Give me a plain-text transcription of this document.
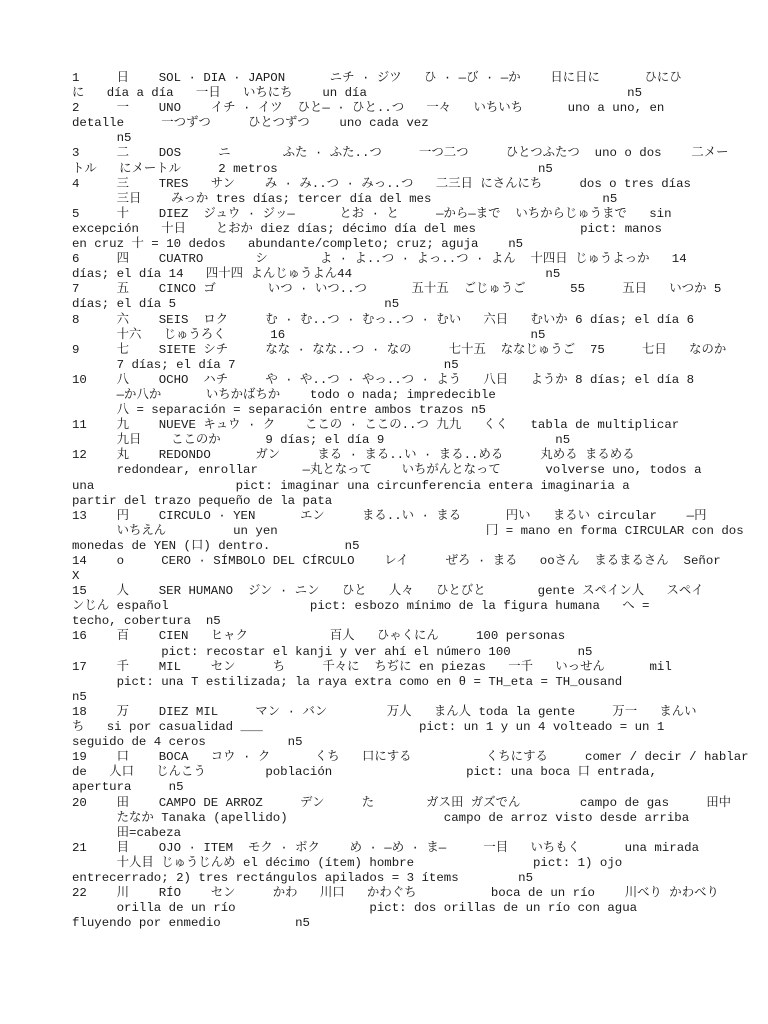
1     日    SOL · DIA · JAPON      ニチ · ジツ   ひ · ―び · ―か    日に日に      ひにひ
に   día a día   一日   いちにち    un día                                   n5
2     一    UNO    イチ · イツ  ひと― · ひと..つ   一々   いちいち      uno a uno, en
detalle     一つずつ     ひとつずつ    uno cada vez
n5
3     二    DOS     ニ       ふた · ふた..つ     一つ二つ     ひとつふたつ  uno o dos    二メー
トル   にメートル     2 metros                                   n5
4     三    TRES   サン    み · み..つ · みっ..つ   二三日 にさんにち     dos o tres días
三日    みっか tres días; tercer día del mes                       n5
5     十    DIEZ  ジュウ · ジッ―      とお · と     ―から―まで  いちからじゅうまで   sin
excepción   十日    とおか diez días; décimo día del mes              pict: manos
en cruz 十 = 10 dedos   abundante/completo; cruz; aguja    n5
6     四    CUATRO       シ       よ · よ..つ · よっ..つ · よん  十四日 じゅうよっか   14
días; el día 14   四十四 よんじゅうよん44                          n5
7     五    CINCO ゴ       いつ · いつ..つ      五十五  ごじゅうご      55     五日   いつか 5
días; el día 5                            n5
8     六    SEIS  ロク     む · む..つ · むっ..つ · むい   六日   むいか 6 días; el día 6
十六   じゅうろく      16                                 n5
9     七    SIETE シチ     なな · なな..つ · なの     七十五  ななじゅうご  75     七日   なのか
7 días; el día 7                            n5
10    八    OCHO  ハチ     や · や..つ · やっ..つ · よう   八日   ようか 8 días; el día 8
―か八か      いちかばちか    todo o nada; impredecible
八 = separación = separación entre ambos trazos n5
11    九    NUEVE キュウ · ク    ここの · ここの..つ 九九   くく   tabla de multiplicar
九日    ここのか      9 días; el día 9                       n5
12    丸    REDONDO      ガン     まる · まる..い · まる..める     丸める まるめる
redondear, enrollar      ―丸となって    いちがんとなって      volverse uno, todos a
una                   pict: imaginar una circunferencia entera imaginaria a
partir del trazo pequeño de la pata
13    円    CIRCULO · YEN      エン     まる..い · まる      円い   まるい circular    ―円
いちえん         un yen                            冂 = mano en forma CIRCULAR con dos
monedas de YEN (口) dentro.          n5
14    o     CERO · SÍMBOLO DEL CÍRCULO    レイ     ぜろ · まる   ooさん  まるまるさん  Señor
X
15    人    SER HUMANO  ジン · ニン   ひと   人々   ひとびと       gente スペイン人   スペイ
ンじん español                   pict: esbozo mínimo de la figura humana   へ =
techo, cobertura  n5
16    百    CIEN   ヒャク           百人   ひゃくにん     100 personas
pict: recostar el kanji y ver ahí el número 100         n5
17    千    MIL    セン     ち     千々に  ちぢに en piezas   一千   いっせん      mil
pict: una T estilizada; la raya extra como en θ = TH_eta = TH_ousand
n5
18    万    DIEZ MIL     マン · バン        万人   まん人 toda la gente     万一   まんい
ち   si por casualidad ___                     pict: un 1 y un 4 volteado = un 1
seguido de 4 ceros           n5
19    口    BOCA   コウ · ク      くち   口にする          くちにする     comer / decir / hablar
de   人口   じんこう        población                  pict: una boca 口 entrada,
apertura     n5
20    田    CAMPO DE ARROZ     デン     た       ガス田 ガズでん        campo de gas     田中
たなか Tanaka (apellido)                     campo de arroz visto desde arriba
田=cabeza
21    目    OJO · ITEM  モク · ボク    め · ―め · ま―     一目   いちもく      una mirada
十人目 じゅうじんめ el décimo (ítem) hombre                pict: 1) ojo
entrecerrado; 2) tres rectángulos apilados = 3 ítems        n5
22    川    RÍO    セン     かわ   川口   かわぐち          boca de un río    川べり かわべり
orilla de un río                  pict: dos orillas de un río con agua
fluyendo por enmedio          n5
